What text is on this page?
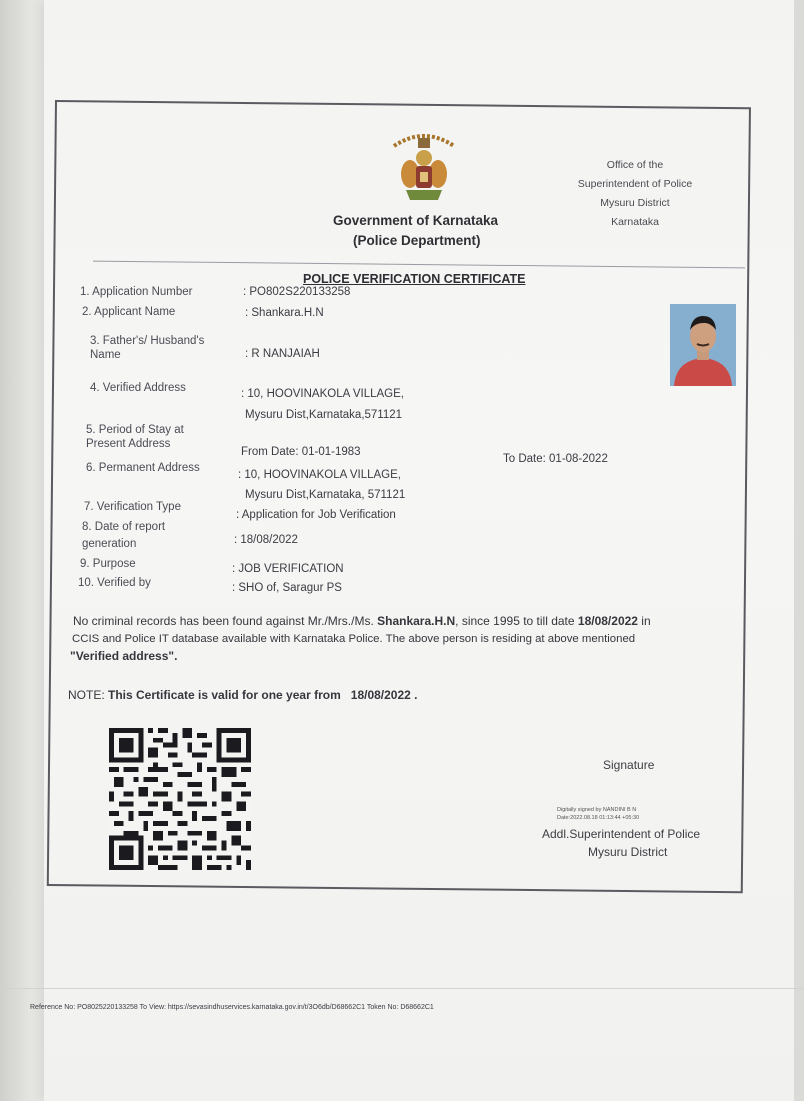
Government of Karnataka
(Police Department)
Office of the
Superintendent of Police
Mysuru District
Karnataka
POLICE VERIFICATION CERTIFICATE
1. Application Number	: PO802S220133258
2. Applicant Name	: Shankara.H.N
3. Father's/ Husband's
Name	: R NANJAIAH
4. Verified Address	: 10, HOOVINAKOLA VILLAGE,
Mysuru Dist,Karnataka,571121
5. Period of Stay at
Present Address
From Date: 01-01-1983
To Date: 01-08-2022
6. Permanent Address
: 10, HOOVINAKOLA VILLAGE,
Mysuru Dist,Karnataka, 571121
7. Verification Type
: Application for Job Verification
8. Date of report
generation	: 18/08/2022
9. Purpose	: JOB VERIFICATION
10. Verified by	: SHO of, Saragur PS
No criminal records has been found against Mr./Mrs./Ms. Shankara.H.N, since 1995 to till date 18/08/2022 in
CCIS and Police IT database available with Karnataka Police. The above person is residing at above mentioned
"Verified address".
NOTE: This Certificate is valid for one year from   18/08/2022 .
Signature
Digitally signed by NANDINI B N
Date:2022.08.18 01:13:44 +05:30
Addl.Superintendent of Police
Mysuru District
Reference No: PO8025220133258 To View: https://sevasindhuservices.karnataka.gov.in/t/3O6db/D68662C1 Token No: D68662C1
